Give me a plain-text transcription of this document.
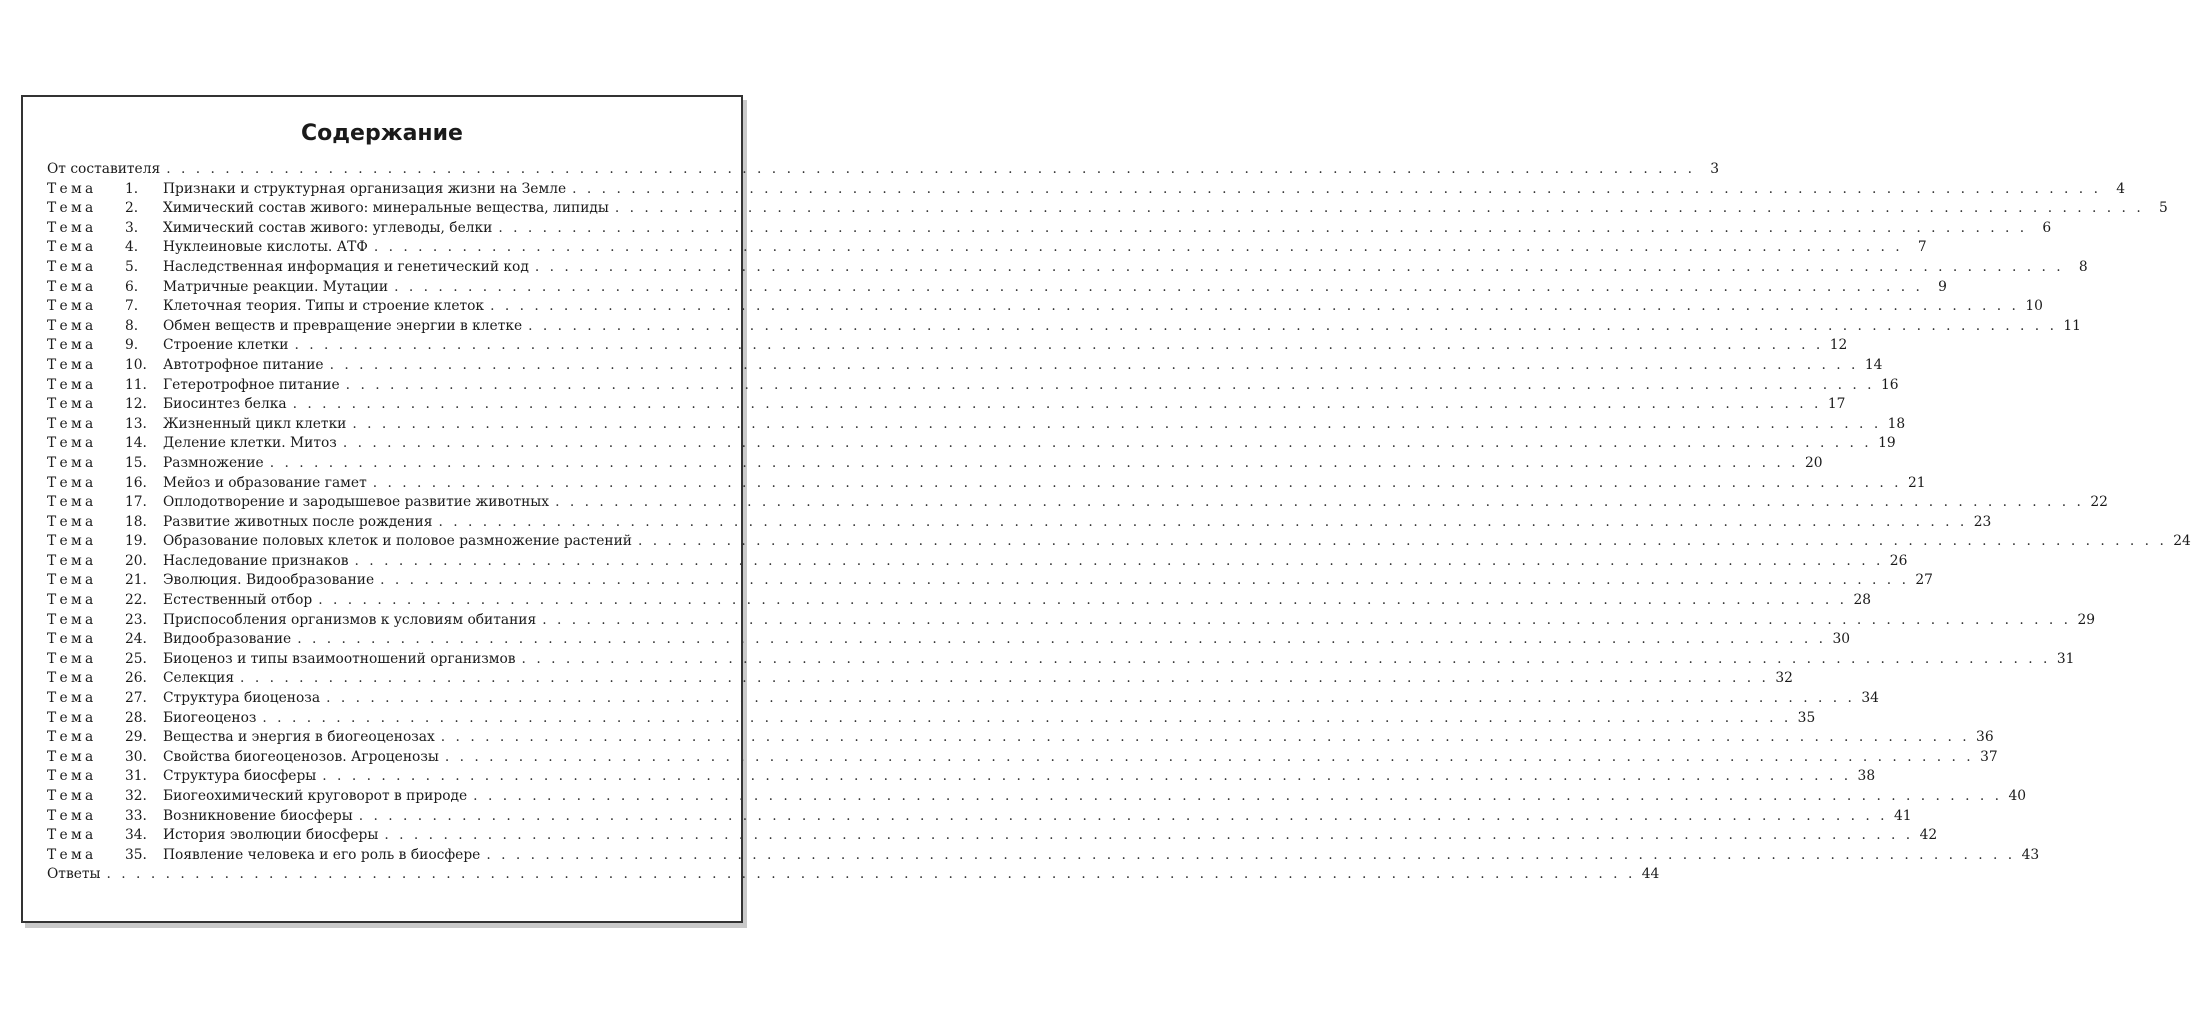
Содержание
От составителя . . .	3
Тема	1.	Признаки и структурная организация жизни на Земле . . .	4
Тема	2.	Химический состав живого: минеральные вещества, липиды . . .	5
Тема	3.	Химический состав живого: углеводы, белки . . .	6
Тема	4.	Нуклеиновые кислоты. АТФ . . .	7
Тема	5.	Наследственная информация и генетический код . . .	8
Тема	6.	Матричные реакции. Мутации . . .	9
Тема	7.	Клеточная теория. Типы и строение клеток . . .	10
Тема	8.	Обмен веществ и превращение энергии в клетке . . .	11
Тема	9.	Строение клетки . . .	12
Тема	10.	Автотрофное питание . . .	14
Тема	11.	Гетеротрофное питание . . .	16
Тема	12.	Биосинтез белка . . .	17
Тема	13.	Жизненный цикл клетки . . .	18
Тема	14.	Деление клетки. Митоз . . .	19
Тема	15.	Размножение . . .	20
Тема	16.	Мейоз и образование гамет . . .	21
Тема	17.	Оплодотворение и зародышевое развитие животных . . .	22
Тема	18.	Развитие животных после рождения . . .	23
Тема	19.	Образование половых клеток и половое размножение растений . . .	24
Тема	20.	Наследование признаков . . .	26
Тема	21.	Эволюция. Видообразование . . .	27
Тема	22.	Естественный отбор . . .	28
Тема	23.	Приспособления организмов к условиям обитания . . .	29
Тема	24.	Видообразование . . .	30
Тема	25.	Биоценоз и типы взаимоотношений организмов . . .	31
Тема	26.	Селекция . . .	32
Тема	27.	Структура биоценоза . . .	34
Тема	28.	Биогеоценоз . . .	35
Тема	29.	Вещества и энергия в биогеоценозах . . .	36
Тема	30.	Свойства биогеоценозов. Агроценозы . . .	37
Тема	31.	Структура биосферы . . .	38
Тема	32.	Биогеохимический круговорот в природе . . .	40
Тема	33.	Возникновение биосферы . . .	41
Тема	34.	История эволюции биосферы . . .	42
Тема	35.	Появление человека и его роль в биосфере . . .	43
Ответы . . .	44
